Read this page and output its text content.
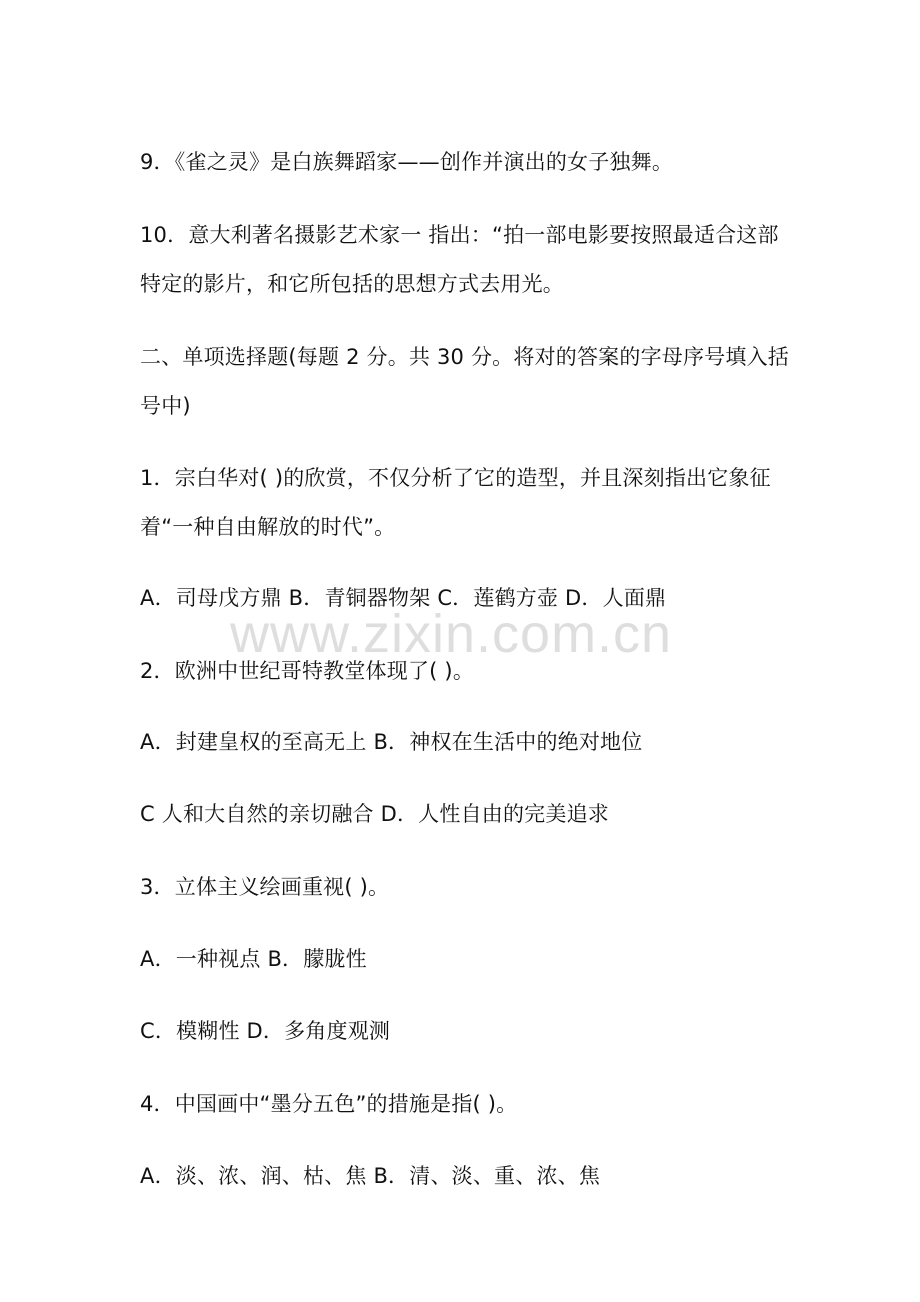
9．《雀之灵》是白族舞蹈家——创作并演出的女子独舞。
10．意大利著名摄影艺术家一 指出：“拍一部电影要按照最适合这部
特定的影片，和它所包括的思想方式去用光。
二、单项选择题(每题 2 分。共 30 分。将对的答案的字母序号填入括
号中)
1．宗白华对( )的欣赏，不仅分析了它的造型，并且深刻指出它象征
着“一种自由解放的时代”。
A．司母戊方鼎 B．青铜器物架 C．莲鹤方壶 D．人面鼎
www.zixin.com.cn
2．欧洲中世纪哥特教堂体现了( )。
A．封建皇权的至高无上 B．神权在生活中的绝对地位
C 人和大自然的亲切融合 D．人性自由的完美追求
3．立体主义绘画重视( )。
A．一种视点 B．朦胧性
C．模糊性 D．多角度观测
4．中国画中“墨分五色”的措施是指( )。
A．淡、浓、润、枯、焦 B．清、淡、重、浓、焦
